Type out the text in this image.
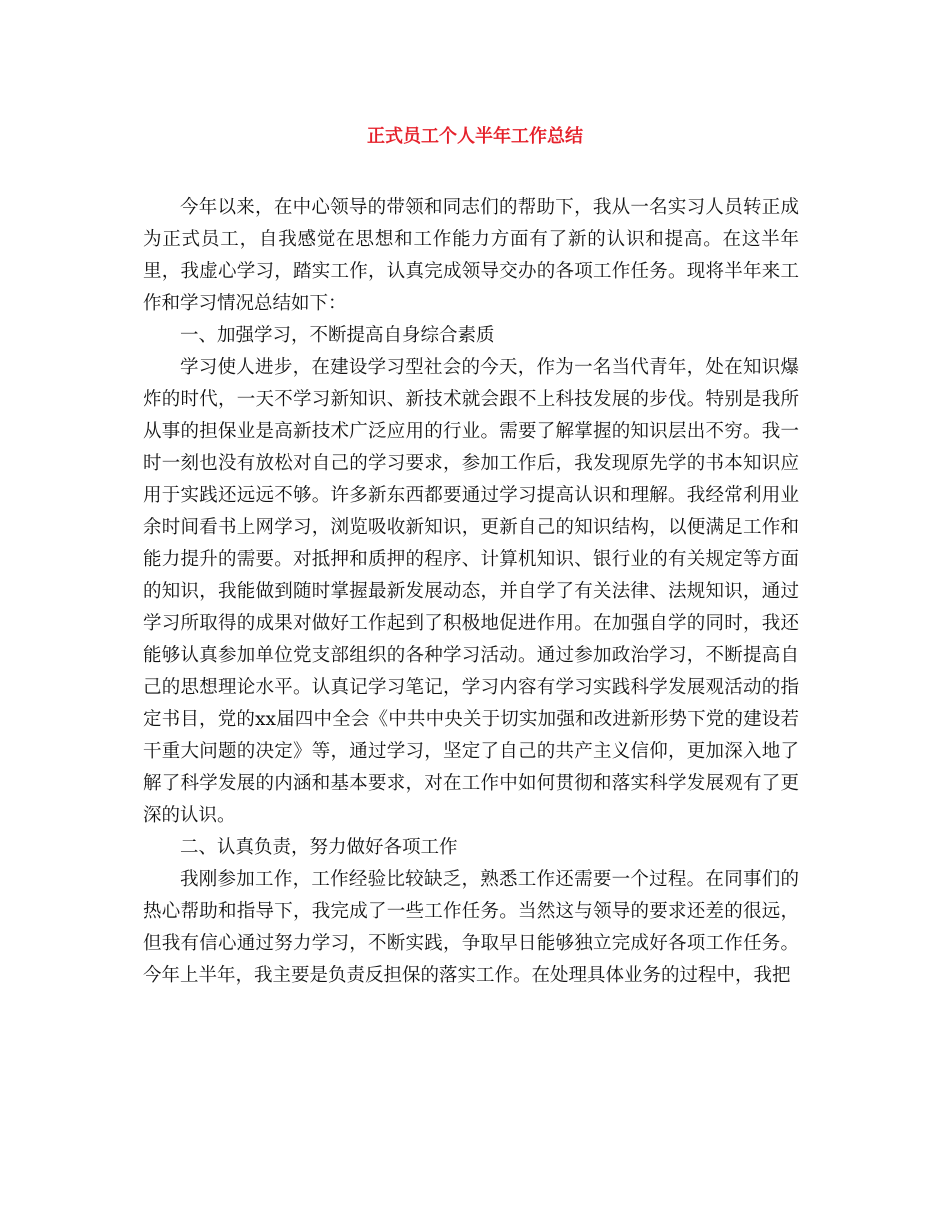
正式员工个人半年工作总结

今年以来，在中心领导的带领和同志们的帮助下，我从一名实习人员转正成为正式员工，自我感觉在思想和工作能力方面有了新的认识和提高。在这半年里，我虚心学习，踏实工作，认真完成领导交办的各项工作任务。现将半年来工作和学习情况总结如下：

一、加强学习，不断提高自身综合素质

学习使人进步，在建设学习型社会的今天，作为一名当代青年，处在知识爆炸的时代，一天不学习新知识、新技术就会跟不上科技发展的步伐。特别是我所从事的担保业是高新技术广泛应用的行业。需要了解掌握的知识层出不穷。我一时一刻也没有放松对自己的学习要求，参加工作后，我发现原先学的书本知识应用于实践还远远不够。许多新东西都要通过学习提高认识和理解。我经常利用业余时间看书上网学习，浏览吸收新知识，更新自己的知识结构，以便满足工作和能力提升的需要。对抵押和质押的程序、计算机知识、银行业的有关规定等方面的知识，我能做到随时掌握最新发展动态，并自学了有关法律、法规知识，通过学习所取得的成果对做好工作起到了积极地促进作用。在加强自学的同时，我还能够认真参加单位党支部组织的各种学习活动。通过参加政治学习，不断提高自己的思想理论水平。认真记学习笔记，学习内容有学习实践科学发展观活动的指定书目，党的xx届四中全会《中共中央关于切实加强和改进新形势下党的建设若干重大问题的决定》等，通过学习，坚定了自己的共产主义信仰，更加深入地了解了科学发展的内涵和基本要求，对在工作中如何贯彻和落实科学发展观有了更深的认识。

二、认真负责，努力做好各项工作

我刚参加工作，工作经验比较缺乏，熟悉工作还需要一个过程。在同事们的热心帮助和指导下，我完成了一些工作任务。当然这与领导的要求还差的很远，但我有信心通过努力学习，不断实践，争取早日能够独立完成好各项工作任务。今年上半年，我主要是负责反担保的落实工作。在处理具体业务的过程中，我把
